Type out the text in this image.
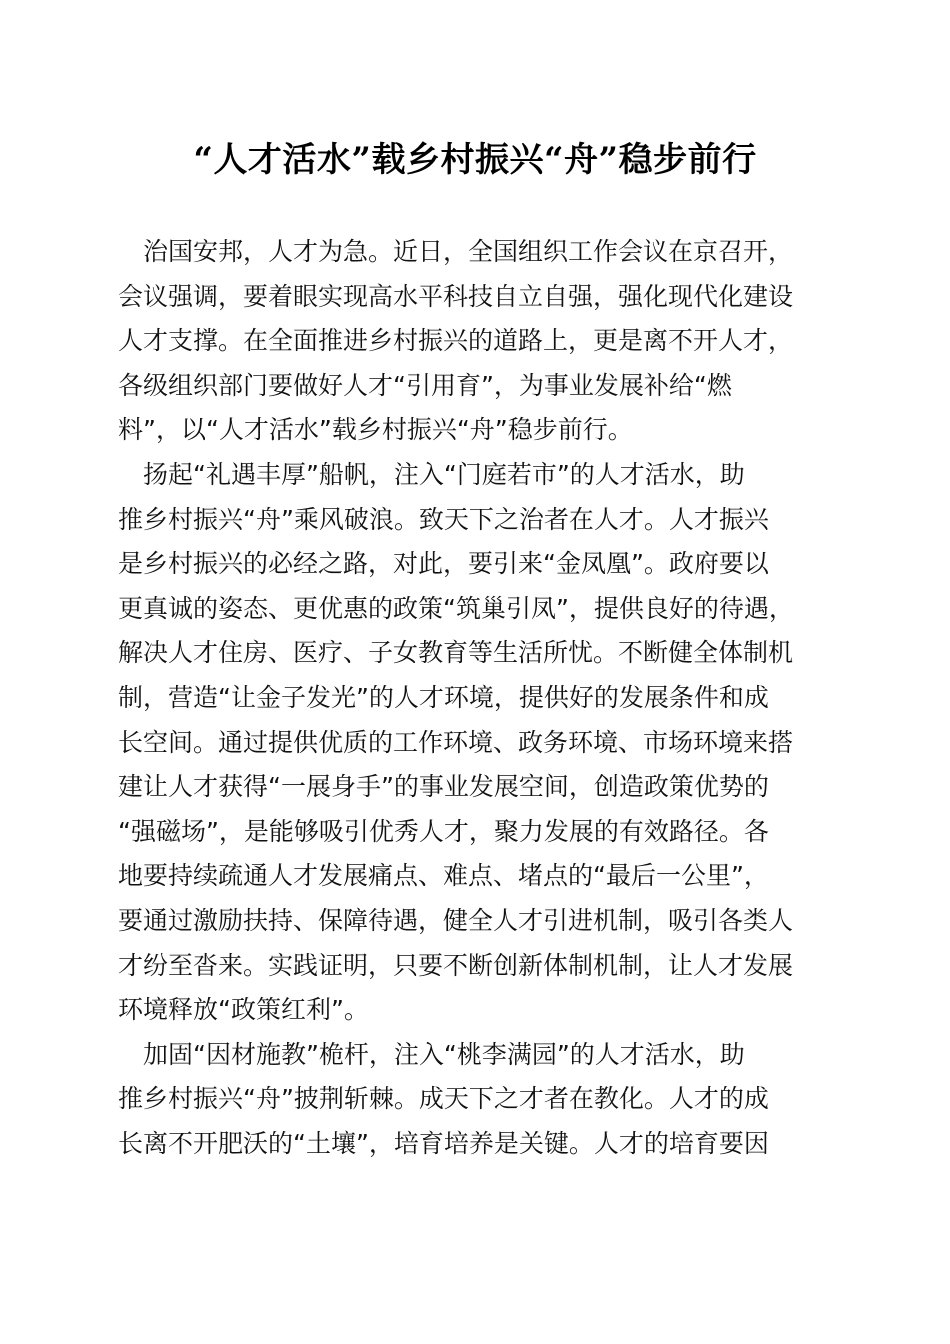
“人才活水”载乡村振兴“舟”稳步前行
　治国安邦，人才为急。近日，全国组织工作会议在京召开，
会议强调，要着眼实现高水平科技自立自强，强化现代化建设
人才支撑。在全面推进乡村振兴的道路上，更是离不开人才，
各级组织部门要做好人才“引用育”，为事业发展补给“燃
料”，以“人才活水”载乡村振兴“舟”稳步前行。
　扬起“礼遇丰厚”船帆，注入“门庭若市”的人才活水，助
推乡村振兴“舟”乘风破浪。致天下之治者在人才。人才振兴
是乡村振兴的必经之路，对此，要引来“金凤凰”。政府要以
更真诚的姿态、更优惠的政策“筑巢引凤”，提供良好的待遇，
解决人才住房、医疗、子女教育等生活所忧。不断健全体制机
制，营造“让金子发光”的人才环境，提供好的发展条件和成
长空间。通过提供优质的工作环境、政务环境、市场环境来搭
建让人才获得“一展身手”的事业发展空间，创造政策优势的
“强磁场”，是能够吸引优秀人才，聚力发展的有效路径。各
地要持续疏通人才发展痛点、难点、堵点的“最后一公里”，
要通过激励扶持、保障待遇，健全人才引进机制，吸引各类人
才纷至沓来。实践证明，只要不断创新体制机制，让人才发展
环境释放“政策红利”。
　加固“因材施教”桅杆，注入“桃李满园”的人才活水，助
推乡村振兴“舟”披荆斩棘。成天下之才者在教化。人才的成
长离不开肥沃的“土壤”，培育培养是关键。人才的培育要因
